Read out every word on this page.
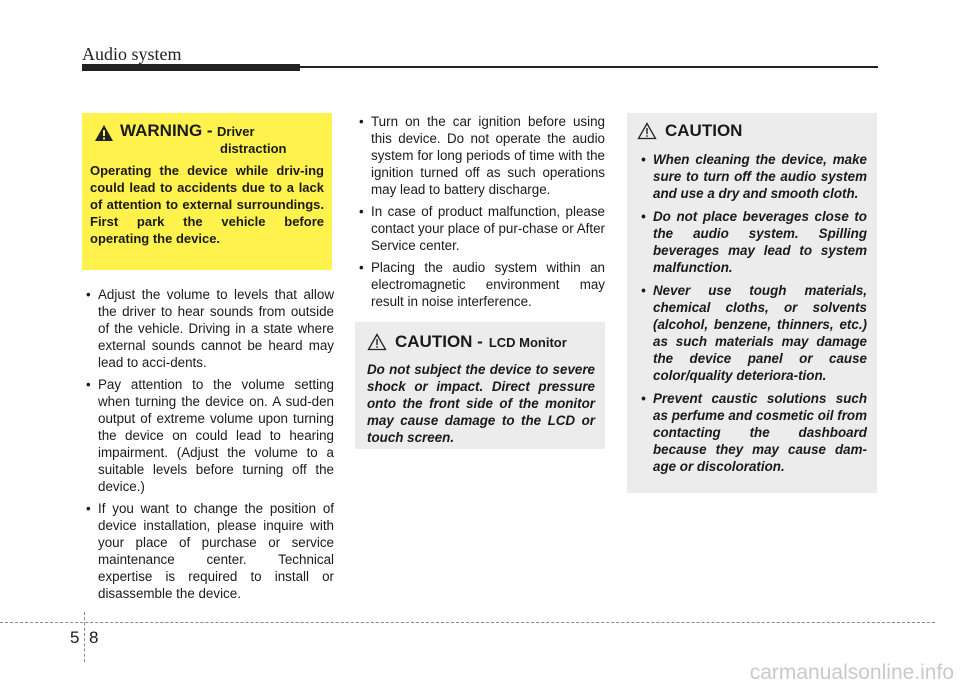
Audio system
WARNING - Driver
distraction
Operating the device while driv-ing could lead to accidents due to a lack of attention to external surroundings. First park the vehicle before operating the device.
• Adjust the volume to levels that allow the driver to hear sounds from outside of the vehicle. Driving in a state where external sounds cannot be heard may lead to acci-dents.
• Pay attention to the volume setting when turning the device on. A sud-den output of extreme volume upon turning the device on could lead to hearing impairment. (Adjust the volume to a suitable levels before turning off the device.)
• If you want to change the position of device installation, please inquire with your place of purchase or service maintenance center. Technical expertise is required to install or disassemble the device.
• Turn on the car ignition before using this device. Do not operate the audio system for long periods of time with the ignition turned off as such operations may lead to battery discharge.
• In case of product malfunction, please contact your place of pur-chase or After Service center.
• Placing the audio system within an electromagnetic environment may result in noise interference.
CAUTION - LCD Monitor
Do not subject the device to severe shock or impact. Direct pressure onto the front side of the monitor may cause damage to the LCD or touch screen.
CAUTION
• When cleaning the device, make sure to turn off the audio system and use a dry and smooth cloth.
• Do not place beverages close to the audio system. Spilling beverages may lead to system malfunction.
• Never use tough materials, chemical cloths, or solvents (alcohol, benzene, thinners, etc.) as such materials may damage the device panel or cause color/quality deteriora-tion.
• Prevent caustic solutions such as perfume and cosmetic oil from contacting the dashboard because they may cause dam-age or discoloration.
5 8
carmanualsonline.info
